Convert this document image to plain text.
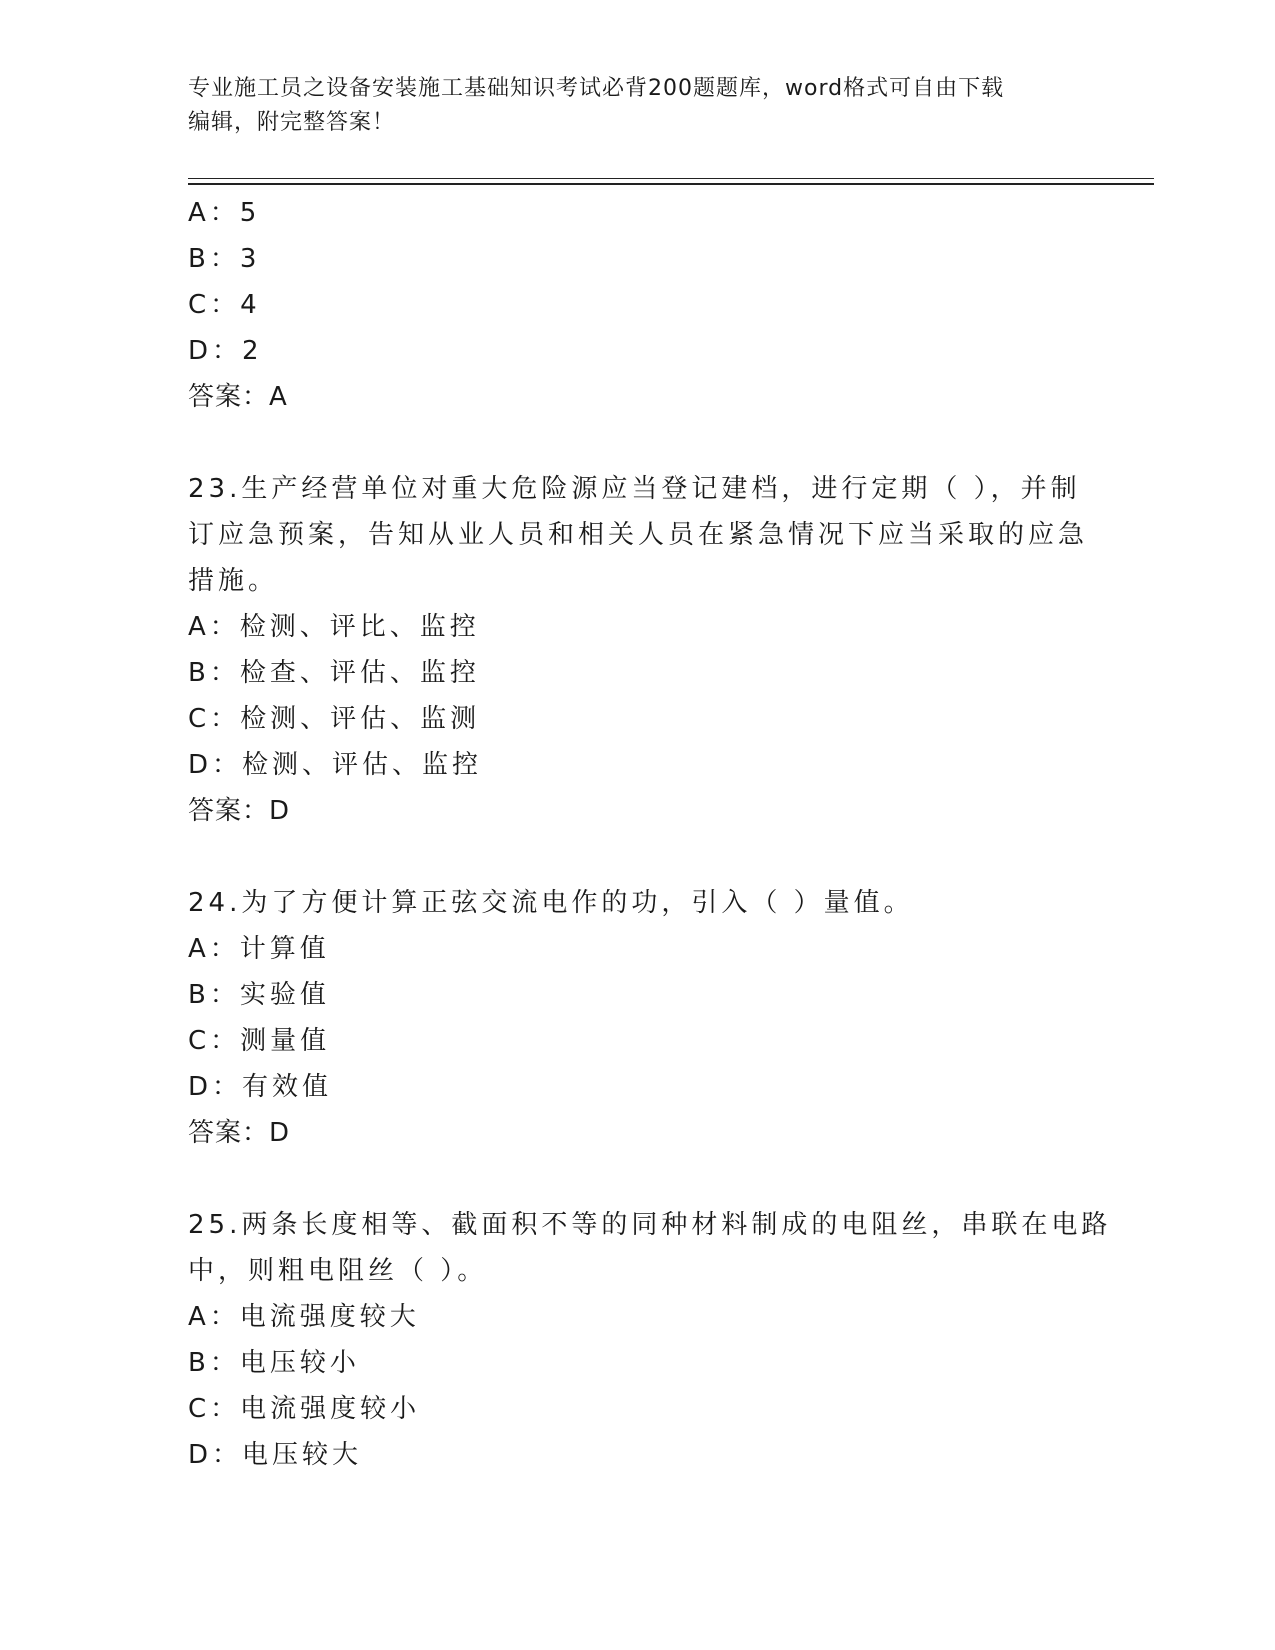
专业施工员之设备安装施工基础知识考试必背200题题库，word格式可自由下载
编辑，附完整答案！
A：5
B：3
C：4
D：2
答案：A
23.生产经营单位对重大危险源应当登记建档，进行定期（ ），并制
订应急预案，告知从业人员和相关人员在紧急情况下应当采取的应急
措施。
A：检测、评比、监控
B：检查、评估、监控
C：检测、评估、监测
D：检测、评估、监控
答案：D
24.为了方便计算正弦交流电作的功，引入（ ）量值。
A：计算值
B：实验值
C：测量值
D：有效值
答案：D
25.两条长度相等、截面积不等的同种材料制成的电阻丝，串联在电路
中，则粗电阻丝（ ）。
A：电流强度较大
B：电压较小
C：电流强度较小
D：电压较大
